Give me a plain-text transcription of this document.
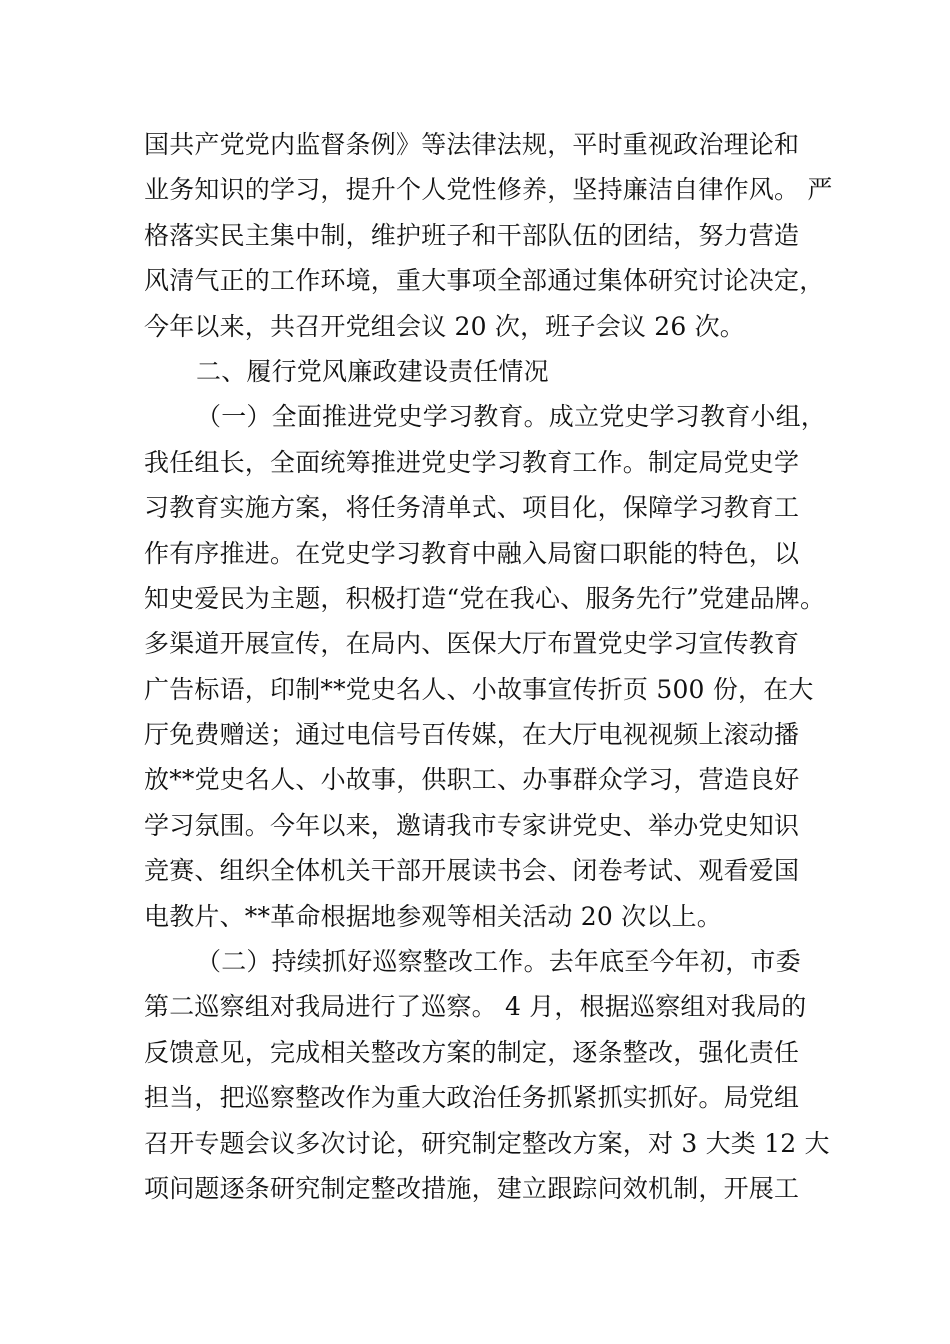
国共产党党内监督条例》等法律法规，平时重视政治理论和
业务知识的学习，提升个人党性修养，坚持廉洁自律作风。 严
格落实民主集中制，维护班子和干部队伍的团结，努力营造
风清气正的工作环境，重大事项全部通过集体研究讨论决定，
今年以来，共召开党组会议 20 次，班子会议 26 次。

二、履行党风廉政建设责任情况

（一）全面推进党史学习教育。成立党史学习教育小组，
我任组长，全面统筹推进党史学习教育工作。制定局党史学
习教育实施方案，将任务清单式、项目化，保障学习教育工
作有序推进。在党史学习教育中融入局窗口职能的特色，以
知史爱民为主题，积极打造“党在我心、服务先行”党建品牌。
多渠道开展宣传，在局内、医保大厅布置党史学习宣传教育
广告标语，印制**党史名人、小故事宣传折页 500 份，在大
厅免费赠送；通过电信号百传媒，在大厅电视视频上滚动播
放**党史名人、小故事，供职工、办事群众学习，营造良好
学习氛围。今年以来，邀请我市专家讲党史、举办党史知识
竞赛、组织全体机关干部开展读书会、闭卷考试、观看爱国
电教片、**革命根据地参观等相关活动 20 次以上。

（二）持续抓好巡察整改工作。去年底至今年初，市委
第二巡察组对我局进行了巡察。 4 月，根据巡察组对我局的
反馈意见，完成相关整改方案的制定，逐条整改，强化责任
担当，把巡察整改作为重大政治任务抓紧抓实抓好。局党组
召开专题会议多次讨论，研究制定整改方案，对 3 大类 12 大
项问题逐条研究制定整改措施，建立跟踪问效机制，开展工
